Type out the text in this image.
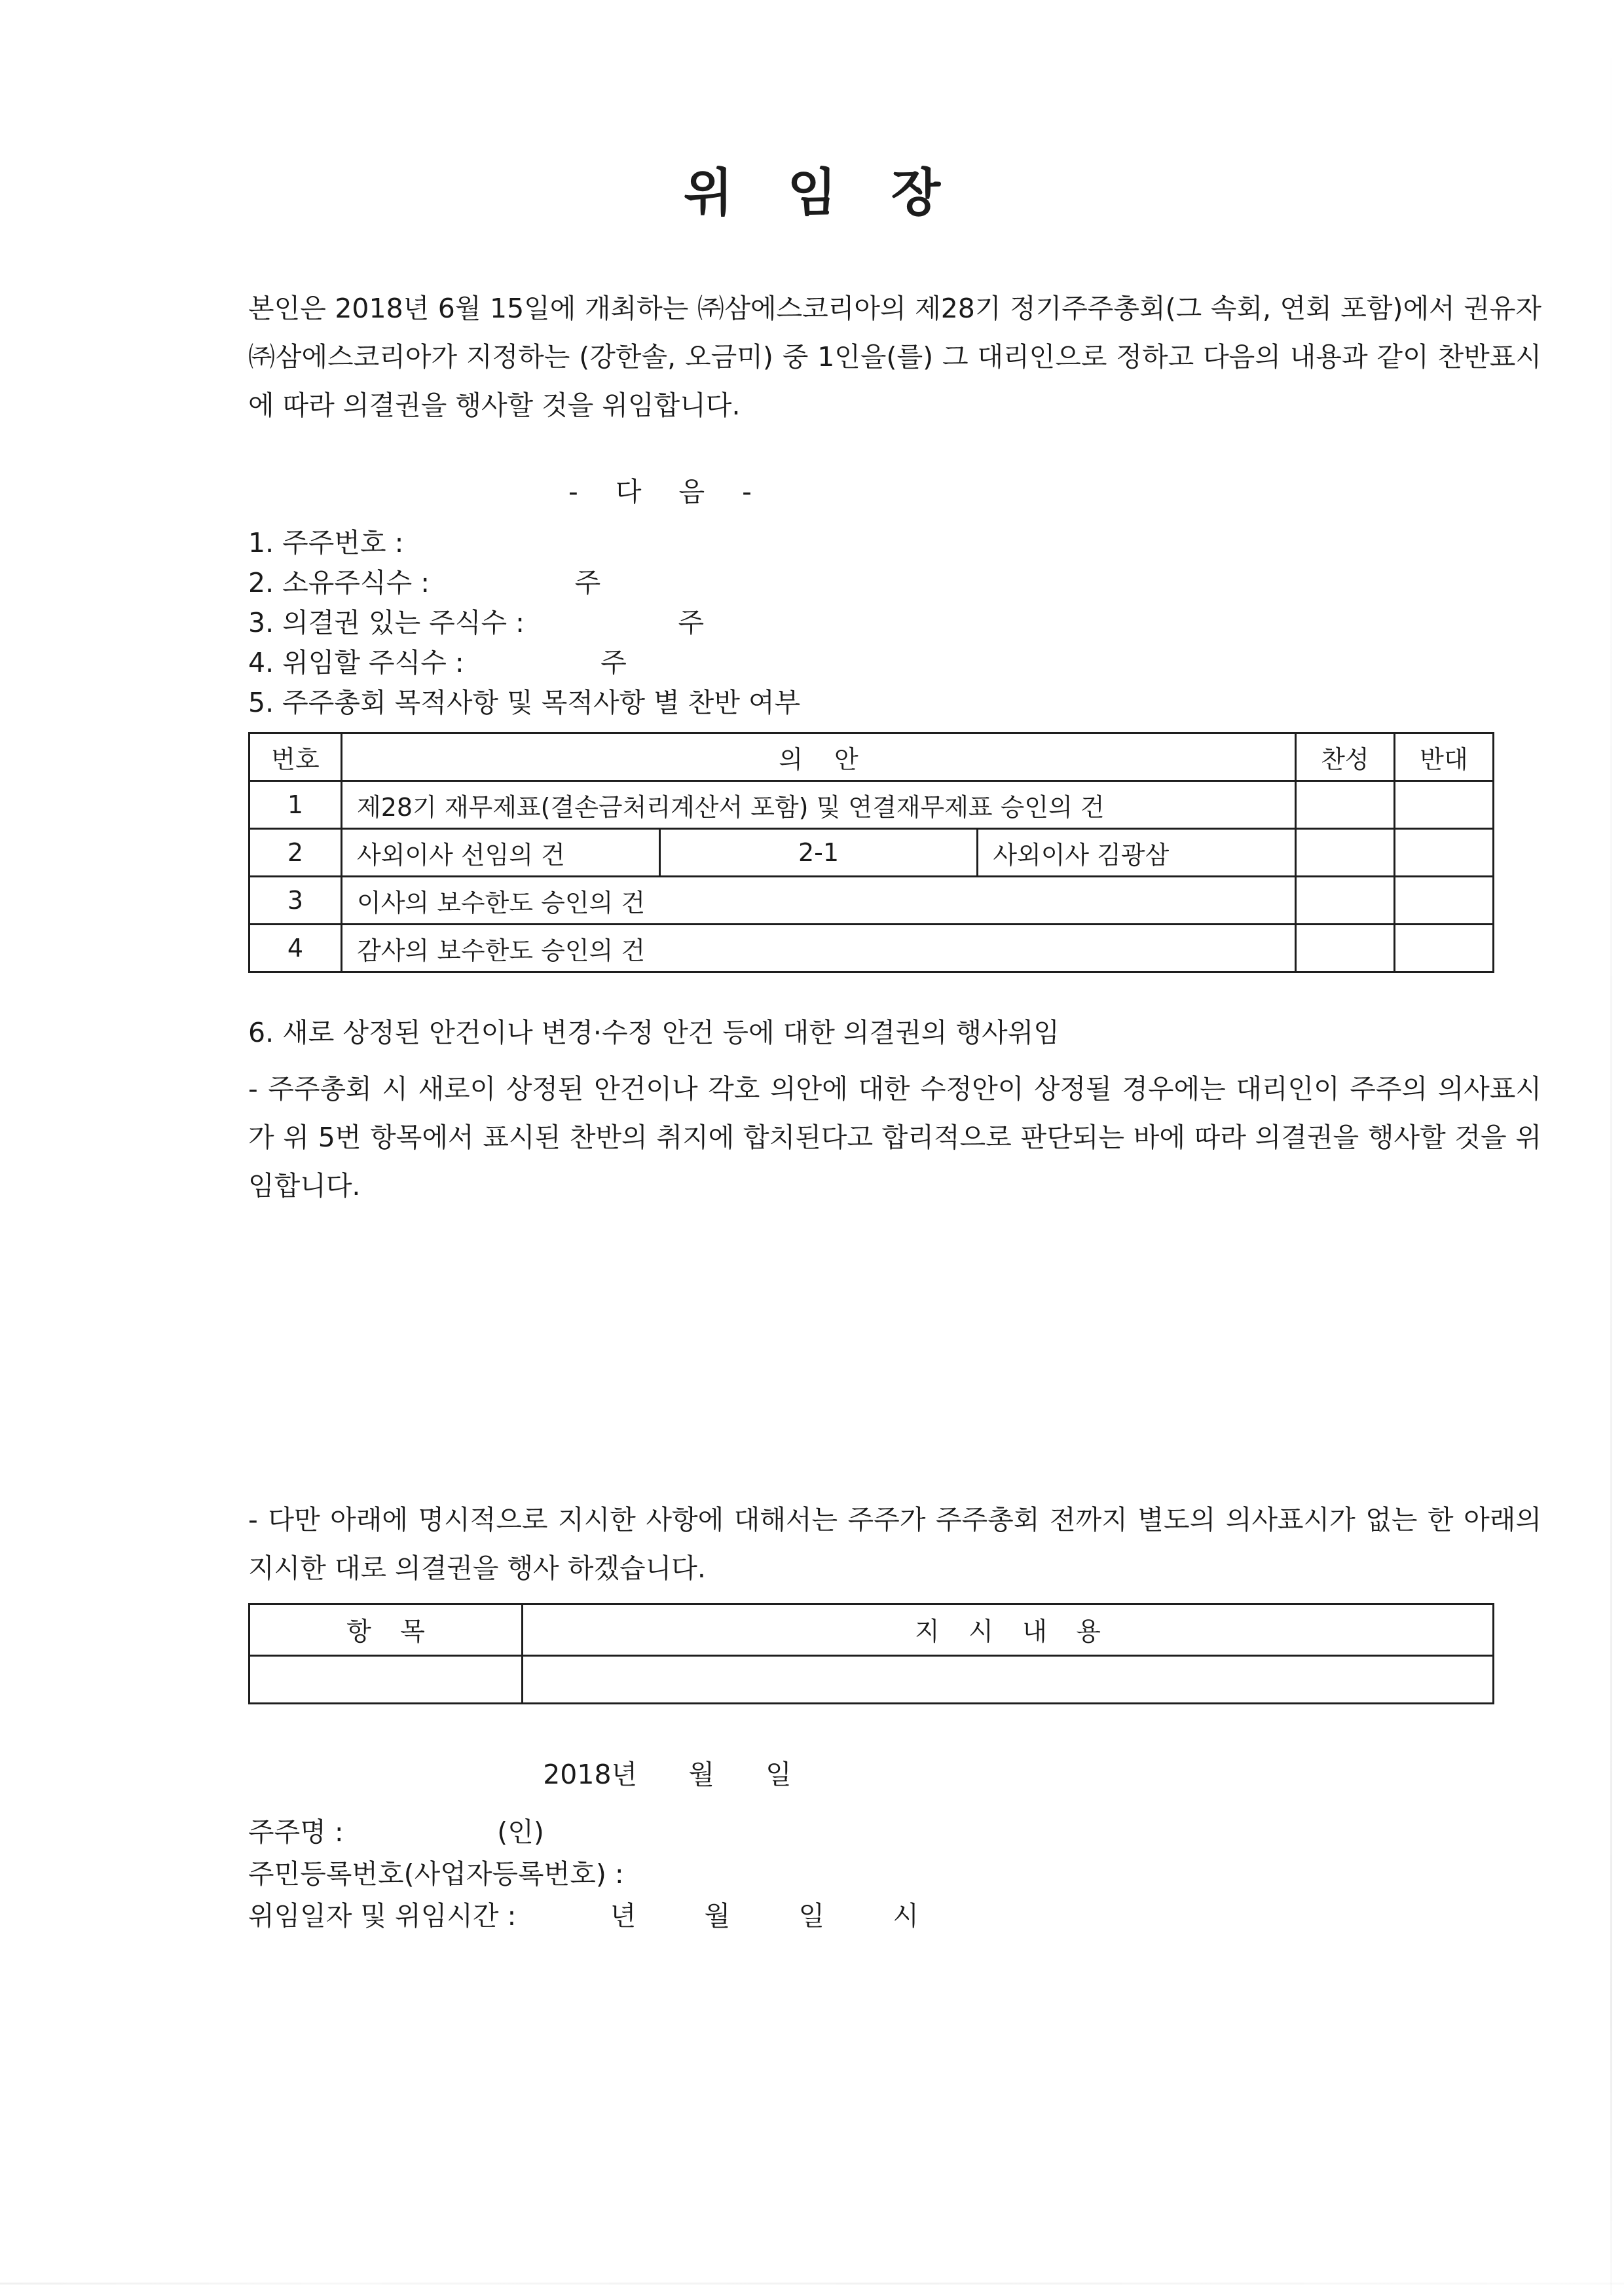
위 임 장

본인은 2018년 6월 15일에 개최하는 ㈜삼에스코리아의 제28기 정기주주총회(그 속회, 연회 포함)에서 권유자 ㈜삼에스코리아가 지정하는 (강한솔, 오금미) 중 1인을(를) 그 대리인으로 정하고 다음의 내용과 같이 찬반표시에 따라 의결권을 행사할 것을 위임합니다.

- 다 음 -

1. 주주번호 :
2. 소유주식수 :                 주
3. 의결권 있는 주식수 :                  주
4. 위임할 주식수 :                주
5. 주주총회 목적사항 및 목적사항 별 찬반 여부
번호	의 안			찬성	반대
1	제28기 재무제표(결손금처리계산서 포함) 및 연결재무제표 승인의 건				
2	사외이사 선임의 건	2-1	사외이사 김광삼		
3	이사의 보수한도 승인의 건				
4	감사의 보수한도 승인의 건				

6. 새로 상정된 안건이나 변경·수정 안건 등에 대한 의결권의 행사위임

- 주주총회 시 새로이 상정된 안건이나 각호 의안에 대한 수정안이 상정될 경우에는 대리인이 주주의 의사표시가 위 5번 항목에서 표시된 찬반의 취지에 합치된다고 합리적으로 판단되는 바에 따라 의결권을 행사할 것을 위임합니다.

- 다만 아래에 명시적으로 지시한 사항에 대해서는 주주가 주주총회 전까지 별도의 의사표시가 없는 한 아래의 지시한 대로 의결권을 행사 하겠습니다.

항 목	지 시 내 용

2018년      월      일

주주명 :                  (인)
주민등록번호(사업자등록번호) :
위임일자 및 위임시간 :           년        월        일        시
